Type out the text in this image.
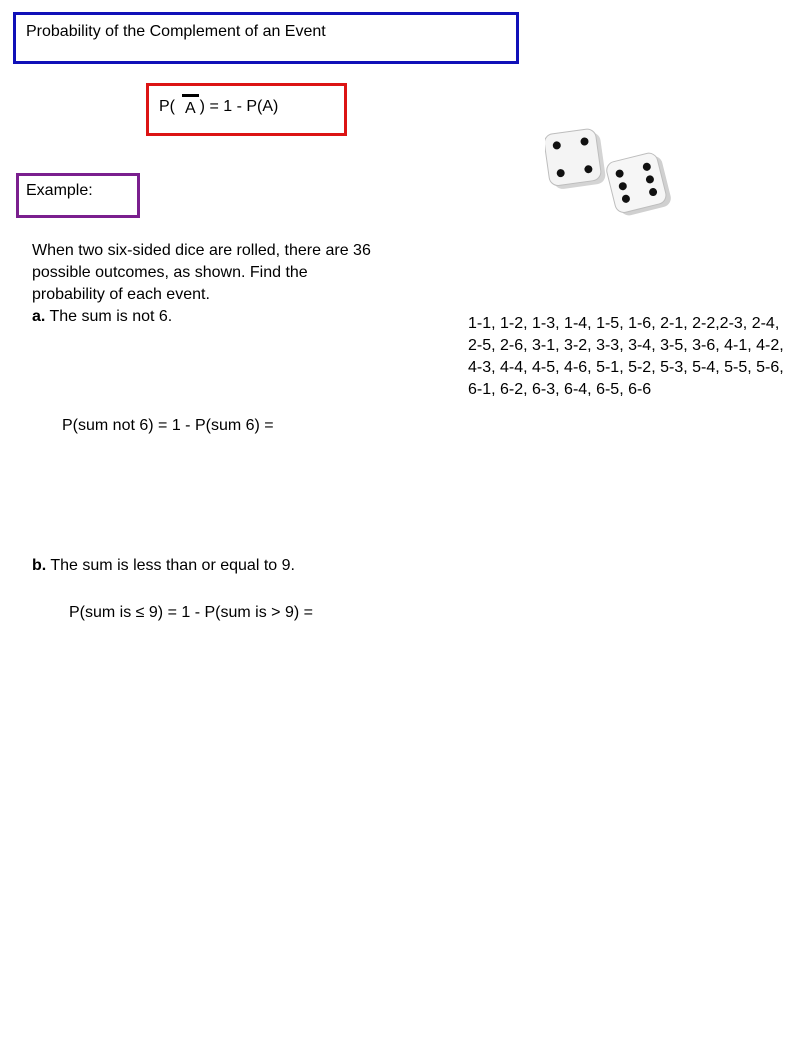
Probability of the Complement of an Event
P( A ) = 1 - P(A)
Example:
When two six-sided dice are rolled, there are 36 possible outcomes, as shown. Find the probability of each event.
a. The sum is not 6.
P(sum not 6) = 1 - P(sum 6) =
b. The sum is less than or equal to 9.
P(sum is ≤ 9) = 1 - P(sum is > 9) =
1-1, 1-2, 1-3, 1-4, 1-5, 1-6, 2-1, 2-2,2-3, 2-4, 2-5, 2-6, 3-1, 3-2, 3-3, 3-4, 3-5, 3-6, 4-1, 4-2, 4-3, 4-4, 4-5, 4-6, 5-1, 5-2, 5-3, 5-4, 5-5, 5-6, 6-1, 6-2, 6-3, 6-4, 6-5, 6-6
